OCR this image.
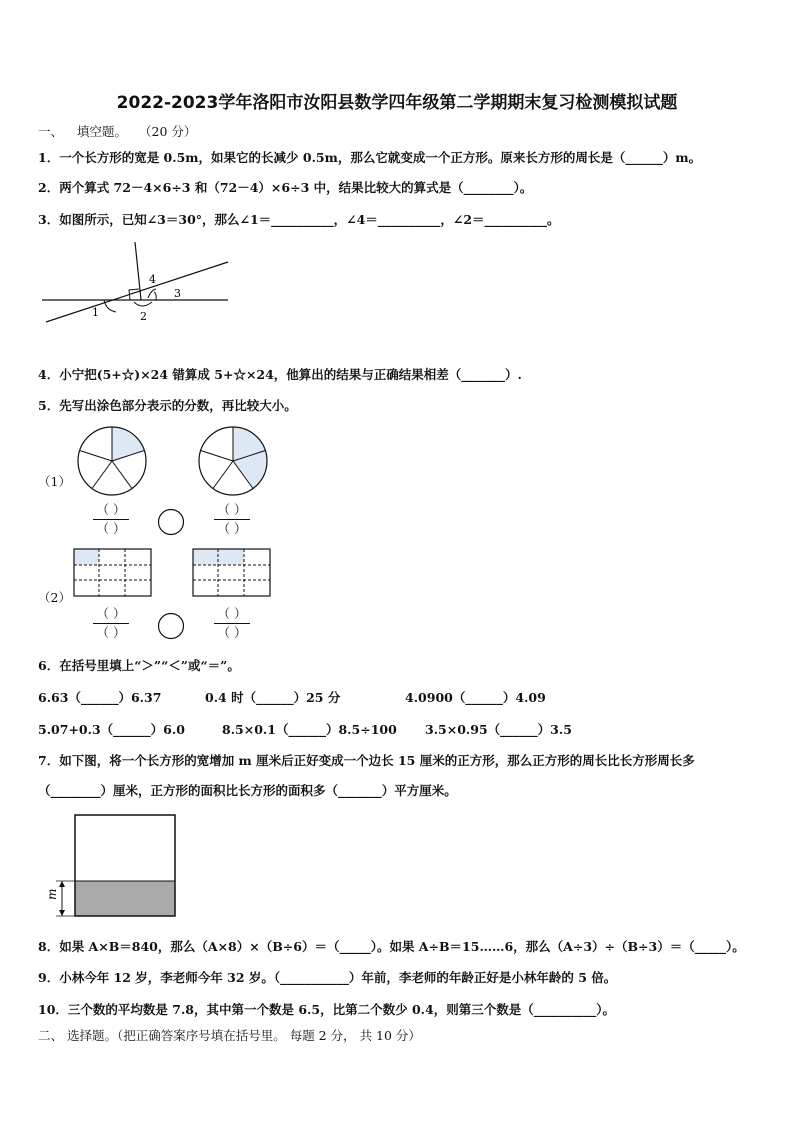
2022-2023学年洛阳市汝阳县数学四年级第二学期期末复习检测模拟试题
一、 填空题。 （20 分）
1．一个长方形的宽是 0.5m，如果它的长减少 0.5m，那么它就变成一个正方形。原来长方形的周长是（______）m。
2．两个算式 72－4×6÷3 和（72－4）×6÷3 中，结果比较大的算式是（________）。
3．如图所示，已知∠3＝30°，那么∠1＝__________，∠4＝__________，∠2＝__________。
4
3
1	2
4．小宁把(5+☆)×24 错算成 5+☆×24，他算出的结果与正确结果相差（_______）.
5．先写出涂色部分表示的分数，再比较大小。
（1）
（ ）
（ ）
（ ）
（ ）
（2）
（ ）
（ ）
（ ）
（ ）
6．在括号里填上“＞”“＜”或“＝”。
6.63（______）6.37	0.4 时（______）25 分	4.0900（______）4.09
5.07+0.3（______）6.0	8.5×0.1（______）8.5÷100 3.5×0.95（______）3.5
7．如下图，将一个长方形的宽增加 m 厘米后正好变成一个边长 15 厘米的正方形，那么正方形的周长比长方形周长多
（________）厘米，正方形的面积比长方形的面积多（_______）平方厘米。
m
8．如果 A×B＝840，那么（A×8）×（B÷6）＝（_____）。如果 A÷B＝15……6，那么（A÷3）÷（B÷3）＝（_____）。
9．小林今年 12 岁，李老师今年 32 岁。（___________）年前，李老师的年龄正好是小林年龄的 5 倍。
10．三个数的平均数是 7.8，其中第一个数是 6.5，比第二个数少 0.4，则第三个数是（__________）。
二、 选择题。（把正确答案序号填在括号里。 每题 2 分， 共 10 分）
